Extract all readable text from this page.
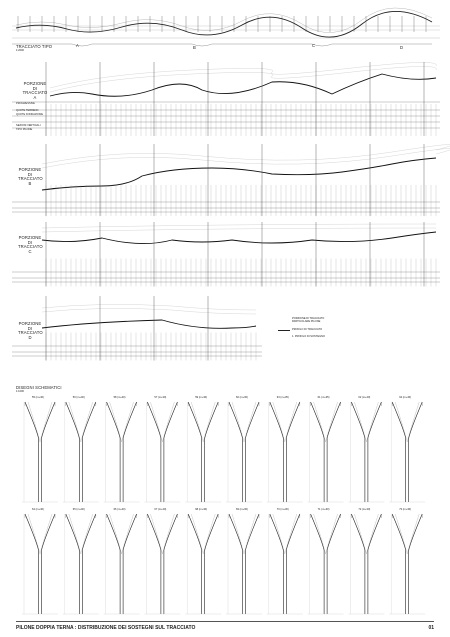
TRACCIATO TIPO
1:2000
A	B	C	D
PORZIONE
DI
TRACCIATO
A
PROGRESSIVE
QUOTE TERRENO
QUOTE FONDAZIONE
SEZIONI VERTICALI
TIPO PILONE
PORZIONE
DI
TRACCIATO
B
PORZIONE
DI
TRACCIATO
C
PORZIONE
DI
TRACCIATO
D
PORZIONE DI TRACCIATO
PARTICOLARE PILONE
PROFILO DI TRACCIATO
1. PROFILO DI SOSTEGNO
DISEGNI SCHEMATICI
1:1000
55 (m+40)	56 (m+40)	58 (m+40)	57 (m+30)	59 (m+30)	60 (m+30)	63 (m+35)	61 (m+35)	62 (m+40)	64 (m+40)
64 (m+40)	65 (m+40)	66 (m+40)	67 (m+40)	68 (m+30)	69 (m+30)	70 (m+30)	71 (m+30)	72 (m+30)	73 (m+30)
PILONE DOPPIA TERNA : DISTRIBUZIONE DEI SOSTEGNI SUL TRACCIATO	01
